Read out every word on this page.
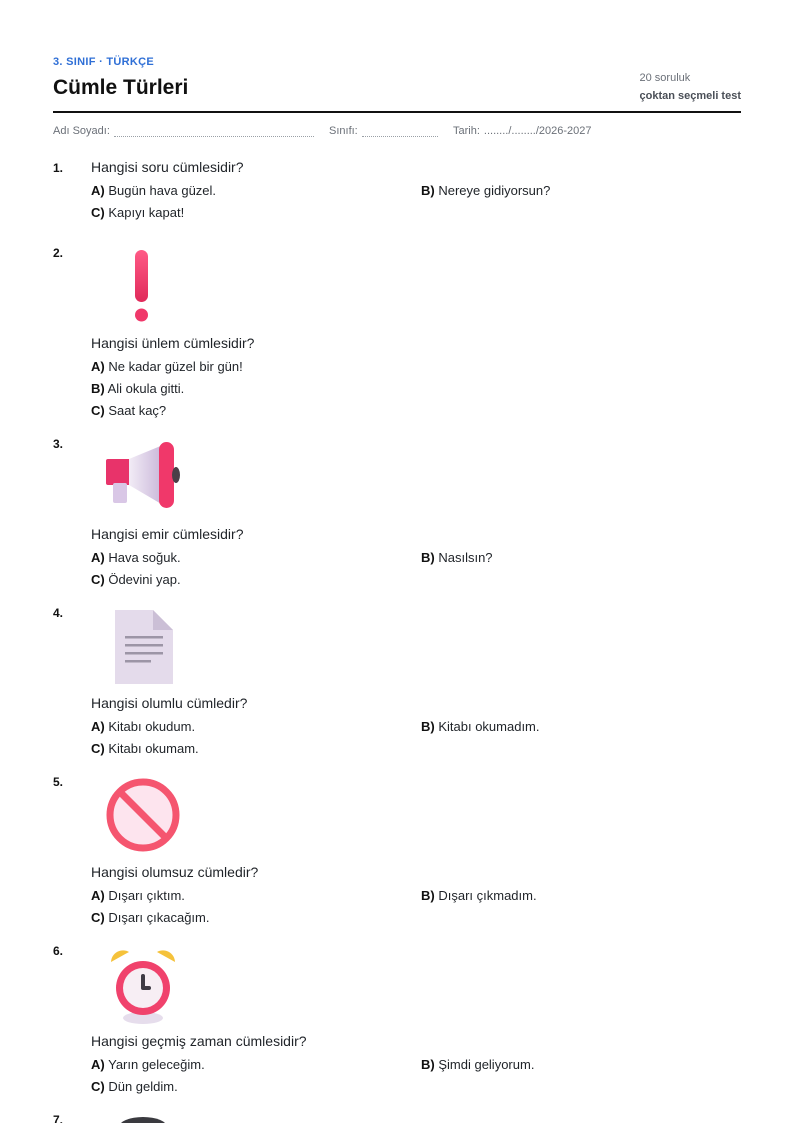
3. SINIF · TÜRKÇE
Cümle Türleri	20 soruluk
çoktan seçmeli test
Adı Soyadı:	Sınıfı:	Tarih: ......../......../2026-2027
1. Hangisi soru cümlesidir?
A) Bugün hava güzel.	B) Nereye gidiyorsun?
C) Kapıyı kapat!
2.
Hangisi ünlem cümlesidir?
A) Ne kadar güzel bir gün!
B) Ali okula gitti.
C) Saat kaç?
3.
Hangisi emir cümlesidir?
A) Hava soğuk.	B) Nasılsın?
C) Ödevini yap.
4.
Hangisi olumlu cümledir?
A) Kitabı okudum.	B) Kitabı okumadım.
C) Kitabı okumam.
5.
Hangisi olumsuz cümledir?
A) Dışarı çıktım.	B) Dışarı çıkmadım.
C) Dışarı çıkacağım.
6.
Hangisi geçmiş zaman cümlesidir?
A) Yarın geleceğim.	B) Şimdi geliyorum.
C) Dün geldim.
7.
